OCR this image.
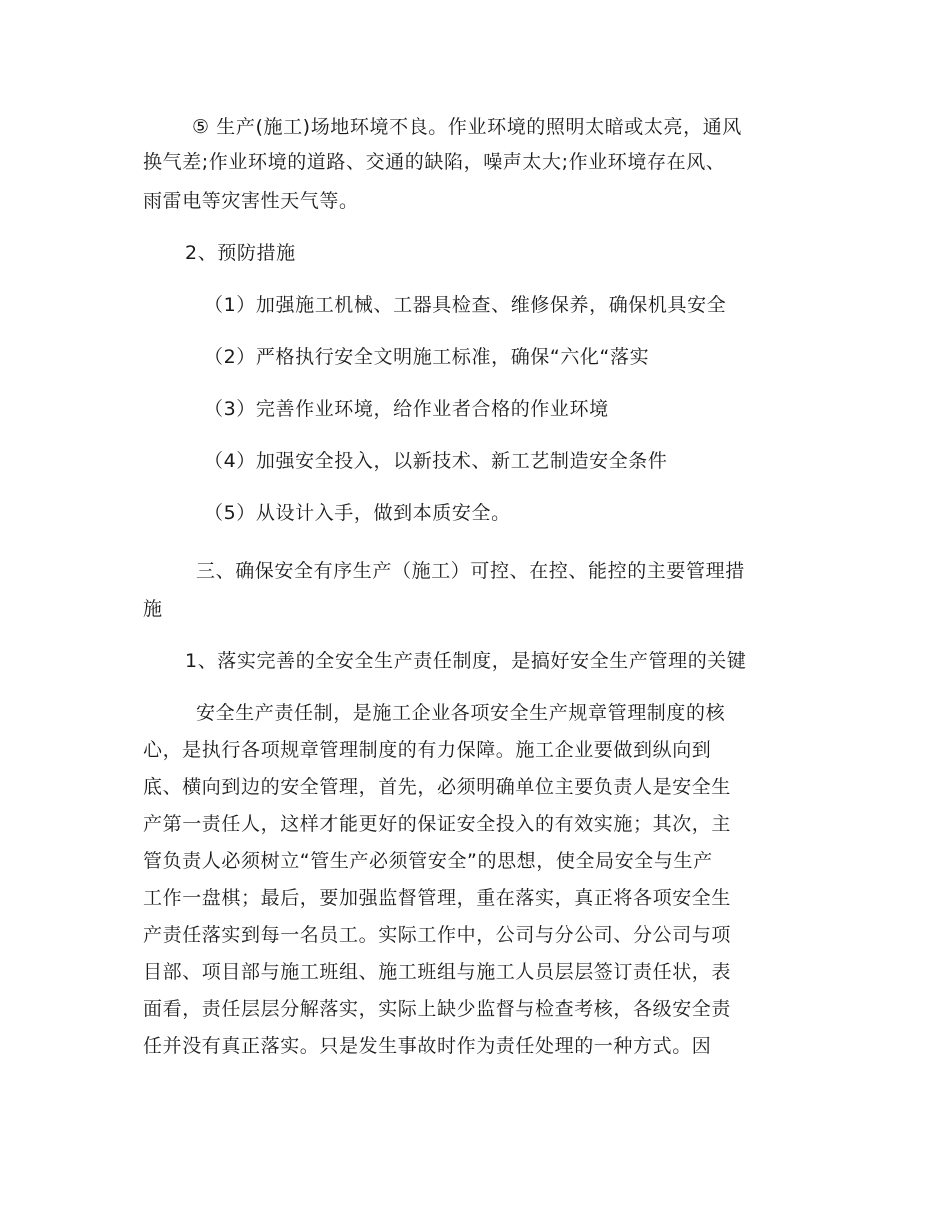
⑤ 生产(施工)场地环境不良。作业环境的照明太暗或太亮，通风
换气差;作业环境的道路、交通的缺陷，噪声太大;作业环境存在风、
雨雷电等灾害性天气等。
2、预防措施
（1）加强施工机械、工器具检查、维修保养，确保机具安全
（2）严格执行安全文明施工标准，确保“六化“落实
（3）完善作业环境，给作业者合格的作业环境
（4）加强安全投入，以新技术、新工艺制造安全条件
（5）从设计入手，做到本质安全。
三、确保安全有序生产（施工）可控、在控、能控的主要管理措
施
1、落实完善的全安全生产责任制度，是搞好安全生产管理的关键
安全生产责任制，是施工企业各项安全生产规章管理制度的核
心，是执行各项规章管理制度的有力保障。施工企业要做到纵向到
底、横向到边的安全管理，首先，必须明确单位主要负责人是安全生
产第一责任人，这样才能更好的保证安全投入的有效实施；其次，主
管负责人必须树立“管生产必须管安全”的思想，使全局安全与生产
工作一盘棋；最后，要加强监督管理，重在落实，真正将各项安全生
产责任落实到每一名员工。实际工作中，公司与分公司、分公司与项
目部、项目部与施工班组、施工班组与施工人员层层签订责任状，表
面看，责任层层分解落实，实际上缺少监督与检查考核，各级安全责
任并没有真正落实。只是发生事故时作为责任处理的一种方式。因
